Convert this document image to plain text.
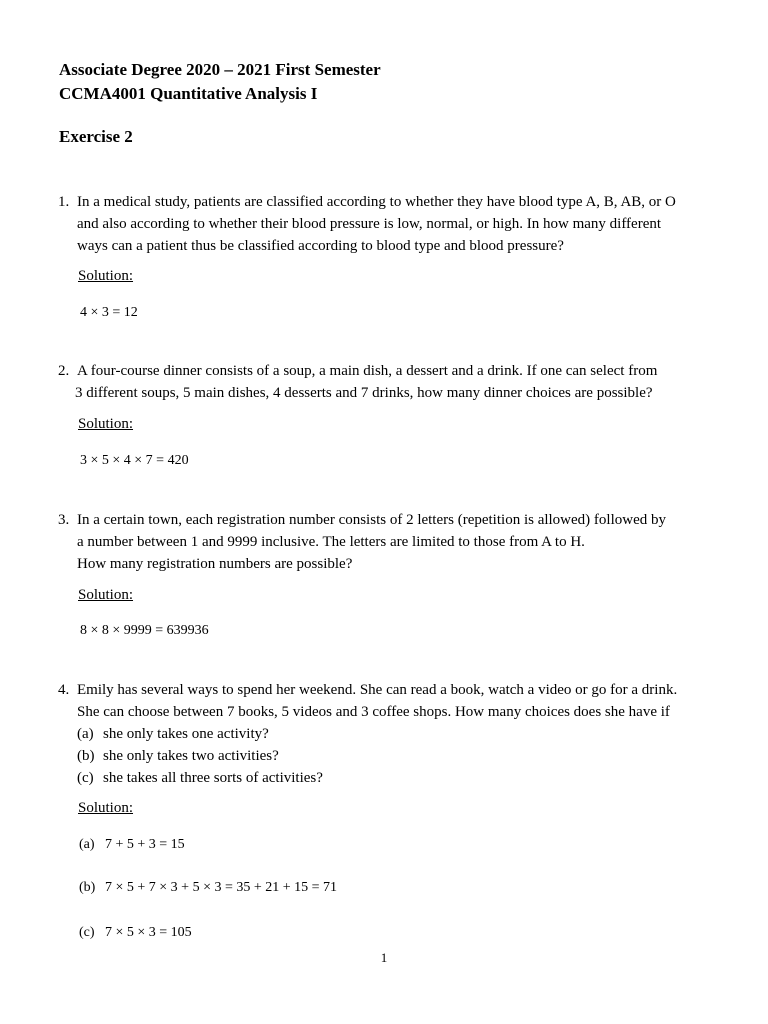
Associate Degree 2020 – 2021 First Semester
CCMA4001 Quantitative Analysis I
Exercise 2
1. In a medical study, patients are classified according to whether they have blood type A, B, AB, or O
and also according to whether their blood pressure is low, normal, or high. In how many different
ways can a patient thus be classified according to blood type and blood pressure?
Solution:
4 × 3 = 12
2. A four-course dinner consists of a soup, a main dish, a dessert and a drink. If one can select from
3 different soups, 5 main dishes, 4 desserts and 7 drinks, how many dinner choices are possible?
Solution:
3 × 5 × 4 × 7 = 420
3. In a certain town, each registration number consists of 2 letters (repetition is allowed) followed by
a number between 1 and 9999 inclusive. The letters are limited to those from A to H.
How many registration numbers are possible?
Solution:
8 × 8 × 9999 = 639936
4. Emily has several ways to spend her weekend. She can read a book, watch a video or go for a drink.
She can choose between 7 books, 5 videos and 3 coffee shops. How many choices does she have if
(a) she only takes one activity?
(b) she only takes two activities?
(c) she takes all three sorts of activities?
Solution:
(a) 7 + 5 + 3 = 15
(b) 7 × 5 + 7 × 3 + 5 × 3 = 35 + 21 + 15 = 71
(c) 7 × 5 × 3 = 105
1
